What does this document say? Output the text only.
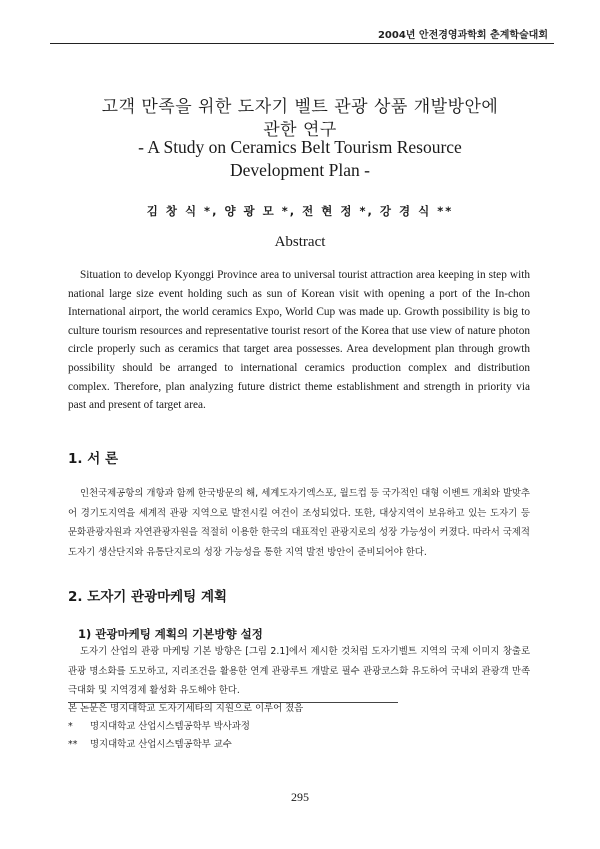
2004년 안전경영과학회 춘계학술대회
고객 만족을 위한 도자기 벨트 관광 상품 개발방안에
관한 연구
- A Study on Ceramics Belt Tourism Resource
Development Plan -
김 창 식 *, 양 광 모 *, 전 현 정 *, 강 경 식 **
Abstract
Situation to develop Kyonggi Province area to universal tourist attraction area keeping in step with national large size event holding such as sun of Korean visit with opening a port of the In-chon International airport, the world ceramics Expo, World Cup was made up. Growth possibility is big to culture tourism resources and representative tourist resort of the Korea that use view of nature photon circle properly such as ceramics that target area possesses. Area development plan through growth possibility should be arranged to international ceramics production complex and distribution complex. Therefore, plan analyzing future district theme establishment and strength in priority via past and present of target area.
1. 서 론
인천국제공항의 개항과 함께 한국방문의 해, 세계도자기엑스포, 월드컵 등 국가적인 대형 이벤트 개최와 발맞추어 경기도지역을 세계적 관광 지역으로 발전시킬 여건이 조성되었다. 또한, 대상지역이 보유하고 있는 도자기 등 문화관광자원과 자연관광자원을 적절히 이용한 한국의 대표적인 관광지로의 성장 가능성이 커졌다. 따라서 국제적 도자기 생산단지와 유통단지로의 성장 가능성을 통한 지역 발전 방안이 준비되어야 한다.
2. 도자기 관광마케팅 계획
1) 관광마케팅 계획의 기본방향 설정
도자기 산업의 관광 마케팅 기본 방향은 [그림 2.1]에서 제시한 것처럼 도자기벨트 지역의 국제 이미지 창출로 관광 명소화를 도모하고, 지리조건을 활용한 연계 관광루트 개발로 필수 관광코스화 유도하여 국내외 관광객 만족 극대화 및 지역경제 활성화 유도해야 한다.
본 논문은 명지대학교 도자기세타의 지원으로 이루어 졌음
*	명지대학교 산업시스템공학부 박사과정
**	명지대학교 산업시스템공학부 교수
295
